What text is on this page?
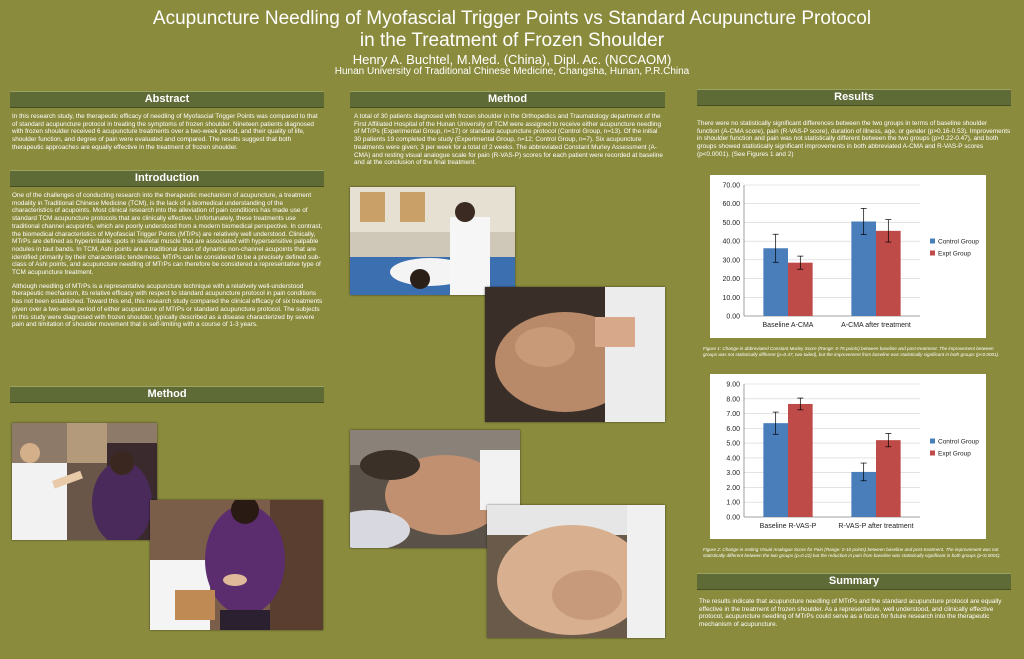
Acupuncture Needling of Myofascial Trigger Points vs Standard Acupuncture Protocol
in the Treatment of Frozen Shoulder
Henry A. Buchtel, M.Med. (China), Dipl. Ac. (NCCAOM)
Hunan University of Traditional Chinese Medicine, Changsha, Hunan, P.R.China
Abstract
In this research study, the therapeutic efficacy of needling of Myofascial Trigger Points was compared to that of standard acupuncture protocol in treating the symptoms of frozen shoulder. Nineteen patients diagnosed with frozen shoulder received 6 acupuncture treatments over a two-week period, and their quality of life, shoulder function, and degree of pain were evaluated and compared. The results suggest that both therapeutic approaches are equally effective in the treatment of frozen shoulder.
Introduction

One of the challenges of conducting research into the therapeutic mechanism of acupuncture, a treatment modality in Traditional Chinese Medicine (TCM), is the lack of a biomedical understanding of the characteristics of acupoints. Most clinical research into the alleviation of pain conditions has made use of standard TCM acupuncture protocols that are clinically effective. Unfortunately, these treatments use traditional channel acupoints, which are poorly understood from a modern biomedical perspective. In contrast, the biomedical characteristics of Myofascial Trigger Points (MTrPs) are relatively well understood. Clinically, MTrPs are defined as hyperirritable spots in skeletal muscle that are associated with hypersensitive palpable nodules in taut bands. In TCM, Ashi points are a traditional class of dynamic non-channel acupoints that are identified primarily by their characteristic tenderness. MTrPs can be considered to be a precisely defined sub-class of Ashi points, and acupuncture needling of MTrPs can therefore be considered a representative type of TCM acupuncture treatment.

Although needling of MTrPs is a representative acupuncture technique with a relatively well-understood therapeutic mechanism, its relative efficacy with respect to standard acupuncture protocol in pain conditions has not been established. Toward this end, this research study compared the clinical efficacy of six treatments given over a two-week period of either acupuncture of MTrPs or standard acupuncture protocol. The subjects in this study were diagnosed with frozen shoulder, typically described as a disease characterized by severe pain and limitation of shoulder movement that is self-limiting with a course of 1-3 years.

Method
Method
A total of 30 patients diagnosed with frozen shoulder in the Orthopedics and Traumatology department of the First Affiliated Hospital of the Hunan University of TCM were assigned to receive either acupuncture needling of MTrPs (Experimental Group, n=17) or standard acupuncture protocol (Control Group, n=13). Of the initial 30 patients 19 completed the study (Experimental Group, n=12; Control Group, n=7). Six acupuncture treatments were given; 3 per week for a total of 2 weeks. The abbreviated Constant Murley Assessment (A-CMA) and resting visual analogue scale for pain (R-VAS-P) scores for each patient were recorded at baseline and at the conclusion of the final treatment.
Results
There were no statistically significant differences between the two groups in terms of baseline shoulder function (A-CMA score), pain (R-VAS-P score), duration of illness, age, or gender (p>0.16-0.53). Improvements in shoulder function and pain was not statistically different between the two groups (p>0.22-0.47), and both groups showed statistically significant improvements in both abbreviated A-CMA and R-VAS-P scores (p<0.0001). (See Figures 1 and 2)
0.00
10.00
20.00
30.00
40.00
50.00
60.00
70.00
Baseline A-CMA	A-CMA after treatment
Control Group
Expt Group
Figure 1: Change in abbreviated Constant Murley Score (Range: 0-75 points) between baseline and post-treatment. The improvement between groups was not statistically different (p=0.47, two-tailed), but the improvement from baseline was statistically significant in both groups (p<0.0001).
0.00
1.00
2.00
3.00
4.00
5.00
6.00
7.00
8.00
9.00
Baseline R-VAS-P	R-VAS-P after treatment
Control Group
Expt Group
Figure 2: Change in resting Visual Analogue Score for Pain (Range: 0-10 points) between baseline and post-treatment. The improvement was not statistically different between the two groups (p=0.22) but the reduction in pain from baseline was statistically significant in both groups (p<0.0001).
Summary
The results indicate that acupuncture needling of MTrPs and the standard acupuncture protocol are equally effective in the treatment of frozen shoulder. As a representative, well understood, and clinically effective protocol, acupuncture needling of MTrPs could serve as a focus for future research into the therapeutic mechanism of acupuncture.
